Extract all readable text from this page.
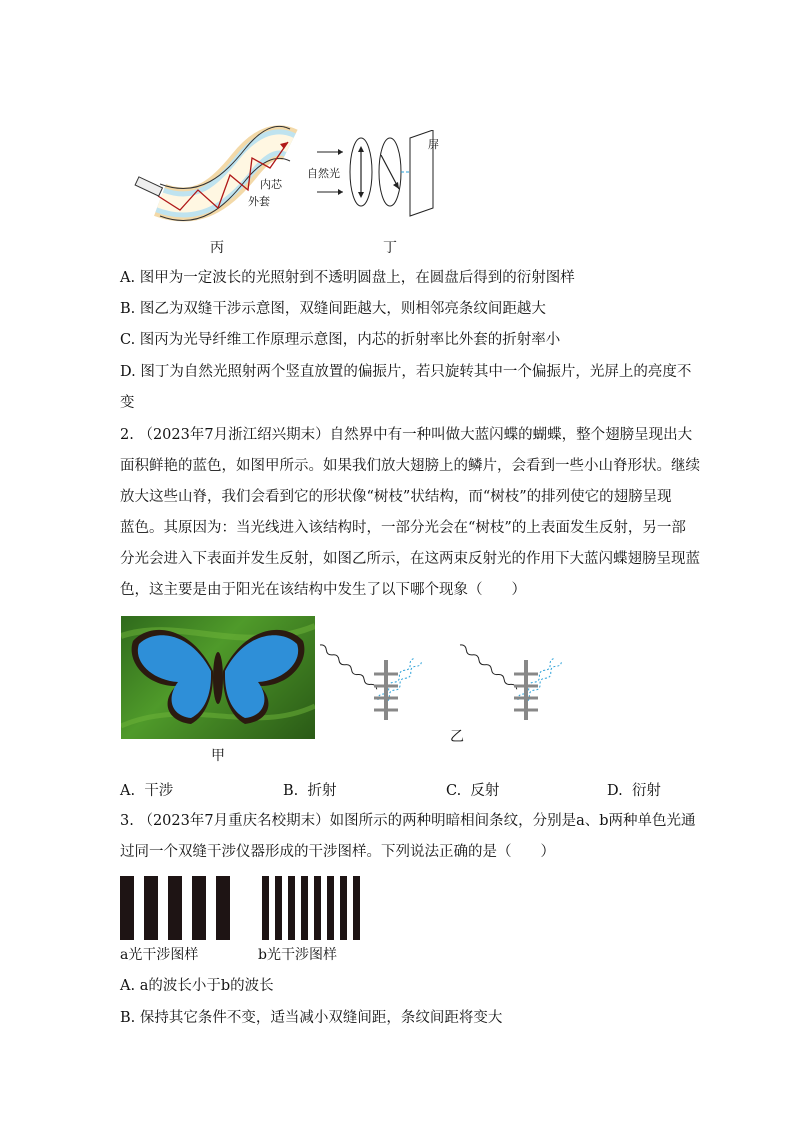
内芯
外套
丙
自然光
屏
丁
A. 图甲为一定波长的光照射到不透明圆盘上，在圆盘后得到的衍射图样
B. 图乙为双缝干涉示意图，双缝间距越大，则相邻亮条纹间距越大
C. 图丙为光导纤维工作原理示意图，内芯的折射率比外套的折射率小
D. 图丁为自然光照射两个竖直放置的偏振片，若只旋转其中一个偏振片，光屏上的亮度不
变
2. （2023年7月浙江绍兴期末）自然界中有一种叫做大蓝闪蝶的蝴蝶，整个翅膀呈现出大
面积鲜艳的蓝色，如图甲所示。如果我们放大翅膀上的鳞片，会看到一些小山脊形状。继续
放大这些山脊，我们会看到它的形状像“树枝”状结构，而“树枝”的排列使它的翅膀呈现
蓝色。其原因为：当光线进入该结构时，一部分光会在“树枝”的上表面发生反射，另一部
分光会进入下表面并发生反射，如图乙所示，在这两束反射光的作用下大蓝闪蝶翅膀呈现蓝
色，这主要是由于阳光在该结构中发生了以下哪个现象（　　）
甲
乙
A. 干涉	B. 折射	C. 反射	D. 衍射
3. （2023年7月重庆名校期末）如图所示的两种明暗相间条纹，分别是a、b两种单色光通
过同一个双缝干涉仪器形成的干涉图样。下列说法正确的是（　　）
a光干涉图样	b光干涉图样
A. a的波长小于b的波长
B. 保持其它条件不变，适当减小双缝间距，条纹间距将变大
